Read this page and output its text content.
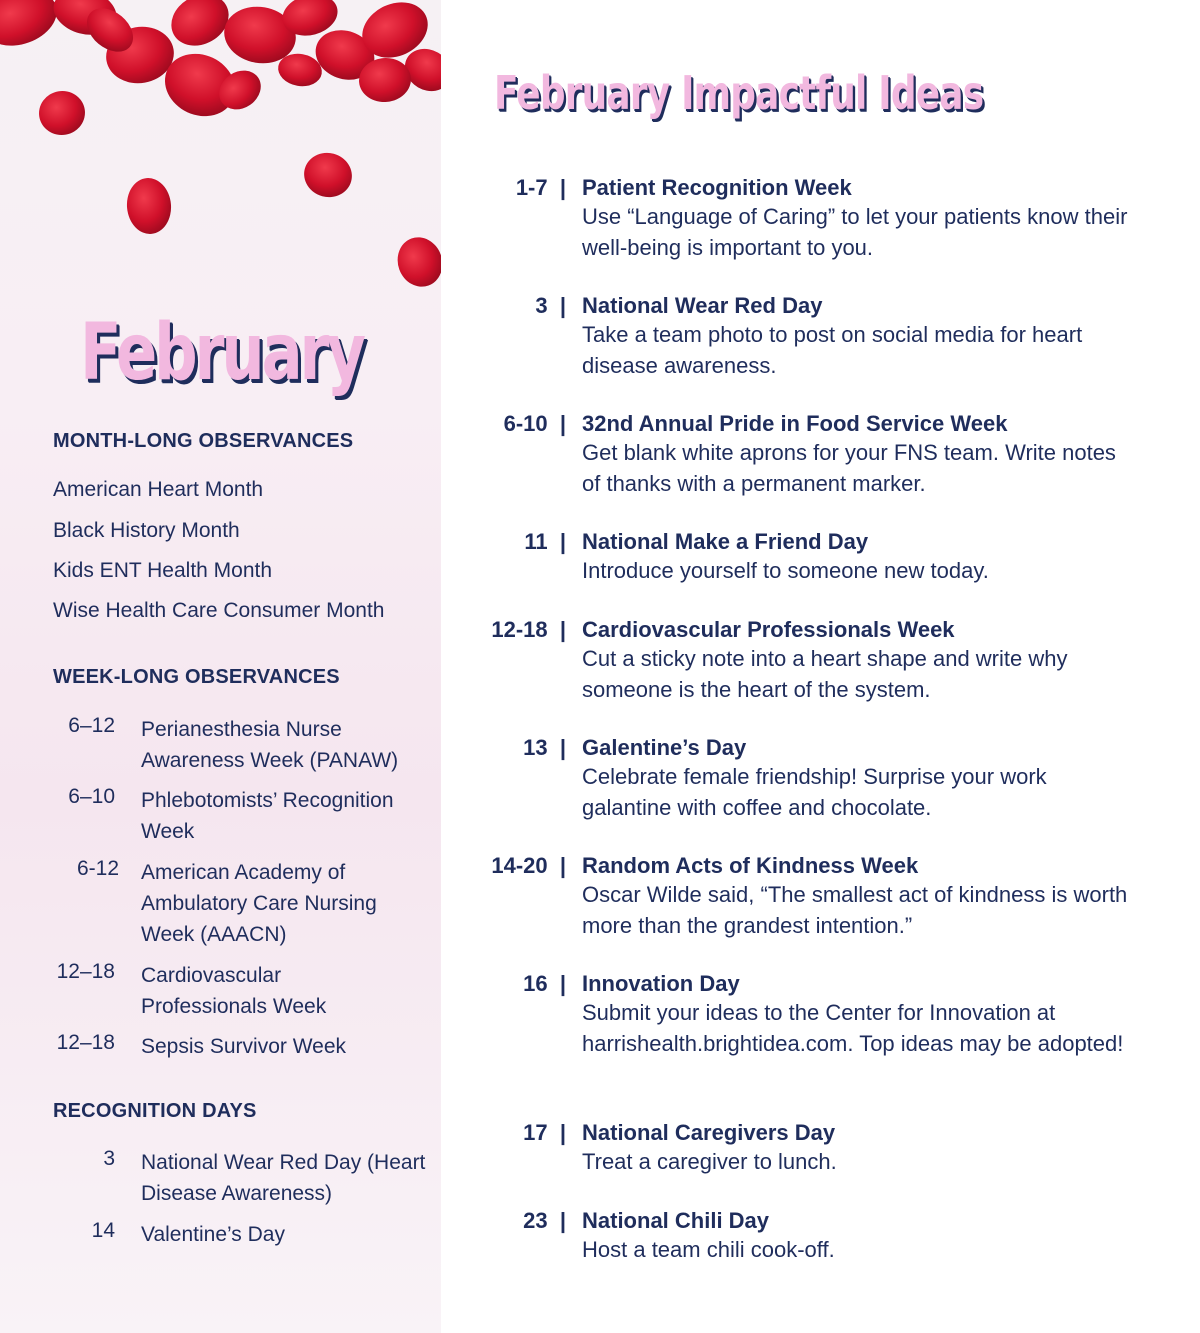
February
MONTH-LONG OBSERVANCES
American Heart Month
Black History Month
Kids ENT Health Month
Wise Health Care Consumer Month
WEEK-LONG OBSERVANCES
6–12 Perianesthesia Nurse Awareness Week (PANAW)
6–10 Phlebotomists’ Recognition Week
6-12 American Academy of Ambulatory Care Nursing Week (AAACN)
12–18 Cardiovascular Professionals Week
12–18 Sepsis Survivor Week
RECOGNITION DAYS
3 National Wear Red Day (Heart Disease Awareness)
14 Valentine’s Day
February Impactful Ideas
1-7  | Patient Recognition Week
Use “Language of Caring” to let your patients know their well-being is important to you.
3  | National Wear Red Day
Take a team photo to post on social media for heart disease awareness.
6-10  | 32nd Annual Pride in Food Service Week
Get blank white aprons for your FNS team. Write notes of thanks with a permanent marker.
11  | National Make a Friend Day
Introduce yourself to someone new today.
12-18  | Cardiovascular Professionals Week
Cut a sticky note into a heart shape and write why someone is the heart of the system.
13  | Galentine’s Day
Celebrate female friendship! Surprise your work galantine with coffee and chocolate.
14-20  | Random Acts of Kindness Week
Oscar Wilde said, “The smallest act of kindness is worth more than the grandest intention.”
16  | Innovation Day
Submit your ideas to the Center for Innovation at harrishealth.brightidea.com. Top ideas may be adopted!
17  | National Caregivers Day
Treat a caregiver to lunch.
23  | National Chili Day
Host a team chili cook-off.
